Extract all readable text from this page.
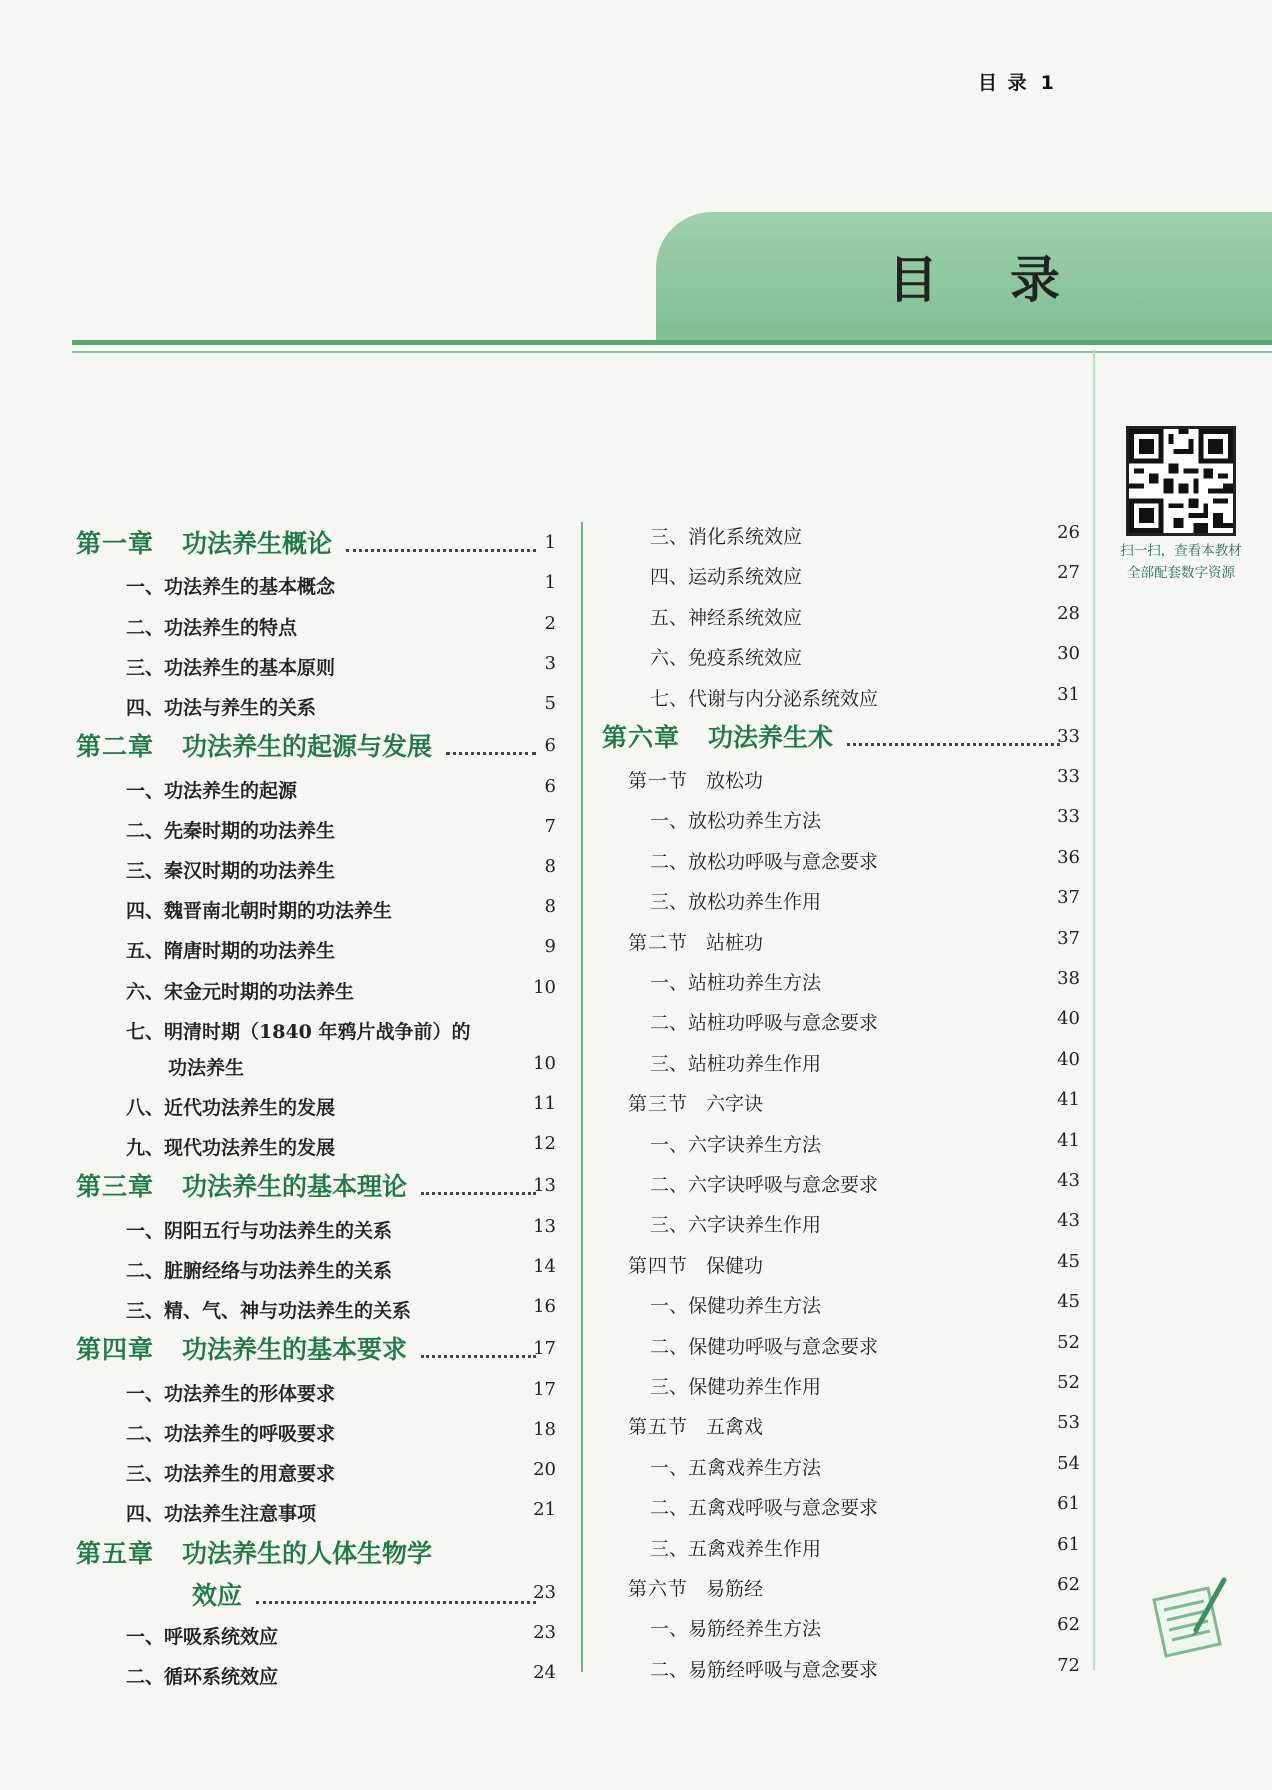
目 录 1
目录
扫一扫，查看本教材全部配套数字资源
第一章 功法养生概论	1
一、功法养生的基本概念	1
二、功法养生的特点	2
三、功法养生的基本原则	3
四、功法与养生的关系	5
第二章 功法养生的起源与发展	6
一、功法养生的起源	6
二、先秦时期的功法养生	7
三、秦汉时期的功法养生	8
四、魏晋南北朝时期的功法养生	8
五、隋唐时期的功法养生	9
六、宋金元时期的功法养生	10
七、明清时期（1840 年鸦片战争前）的
功法养生	10
八、近代功法养生的发展	11
九、现代功法养生的发展	12
第三章 功法养生的基本理论	13
一、阴阳五行与功法养生的关系	13
二、脏腑经络与功法养生的关系	14
三、精、气、神与功法养生的关系	16
第四章 功法养生的基本要求	17
一、功法养生的形体要求	17
二、功法养生的呼吸要求	18
三、功法养生的用意要求	20
四、功法养生注意事项	21
第五章 功法养生的人体生物学
效应	23
一、呼吸系统效应	23
二、循环系统效应	24
三、消化系统效应	26
四、运动系统效应	27
五、神经系统效应	28
六、免疫系统效应	30
七、代谢与内分泌系统效应	31
第六章 功法养生术	33
第一节 放松功	33
一、放松功养生方法	33
二、放松功呼吸与意念要求	36
三、放松功养生作用	37
第二节 站桩功	37
一、站桩功养生方法	38
二、站桩功呼吸与意念要求	40
三、站桩功养生作用	40
第三节 六字诀	41
一、六字诀养生方法	41
二、六字诀呼吸与意念要求	43
三、六字诀养生作用	43
第四节 保健功	45
一、保健功养生方法	45
二、保健功呼吸与意念要求	52
三、保健功养生作用	52
第五节 五禽戏	53
一、五禽戏养生方法	54
二、五禽戏呼吸与意念要求	61
三、五禽戏养生作用	61
第六节 易筋经	62
一、易筋经养生方法	62
二、易筋经呼吸与意念要求	72
